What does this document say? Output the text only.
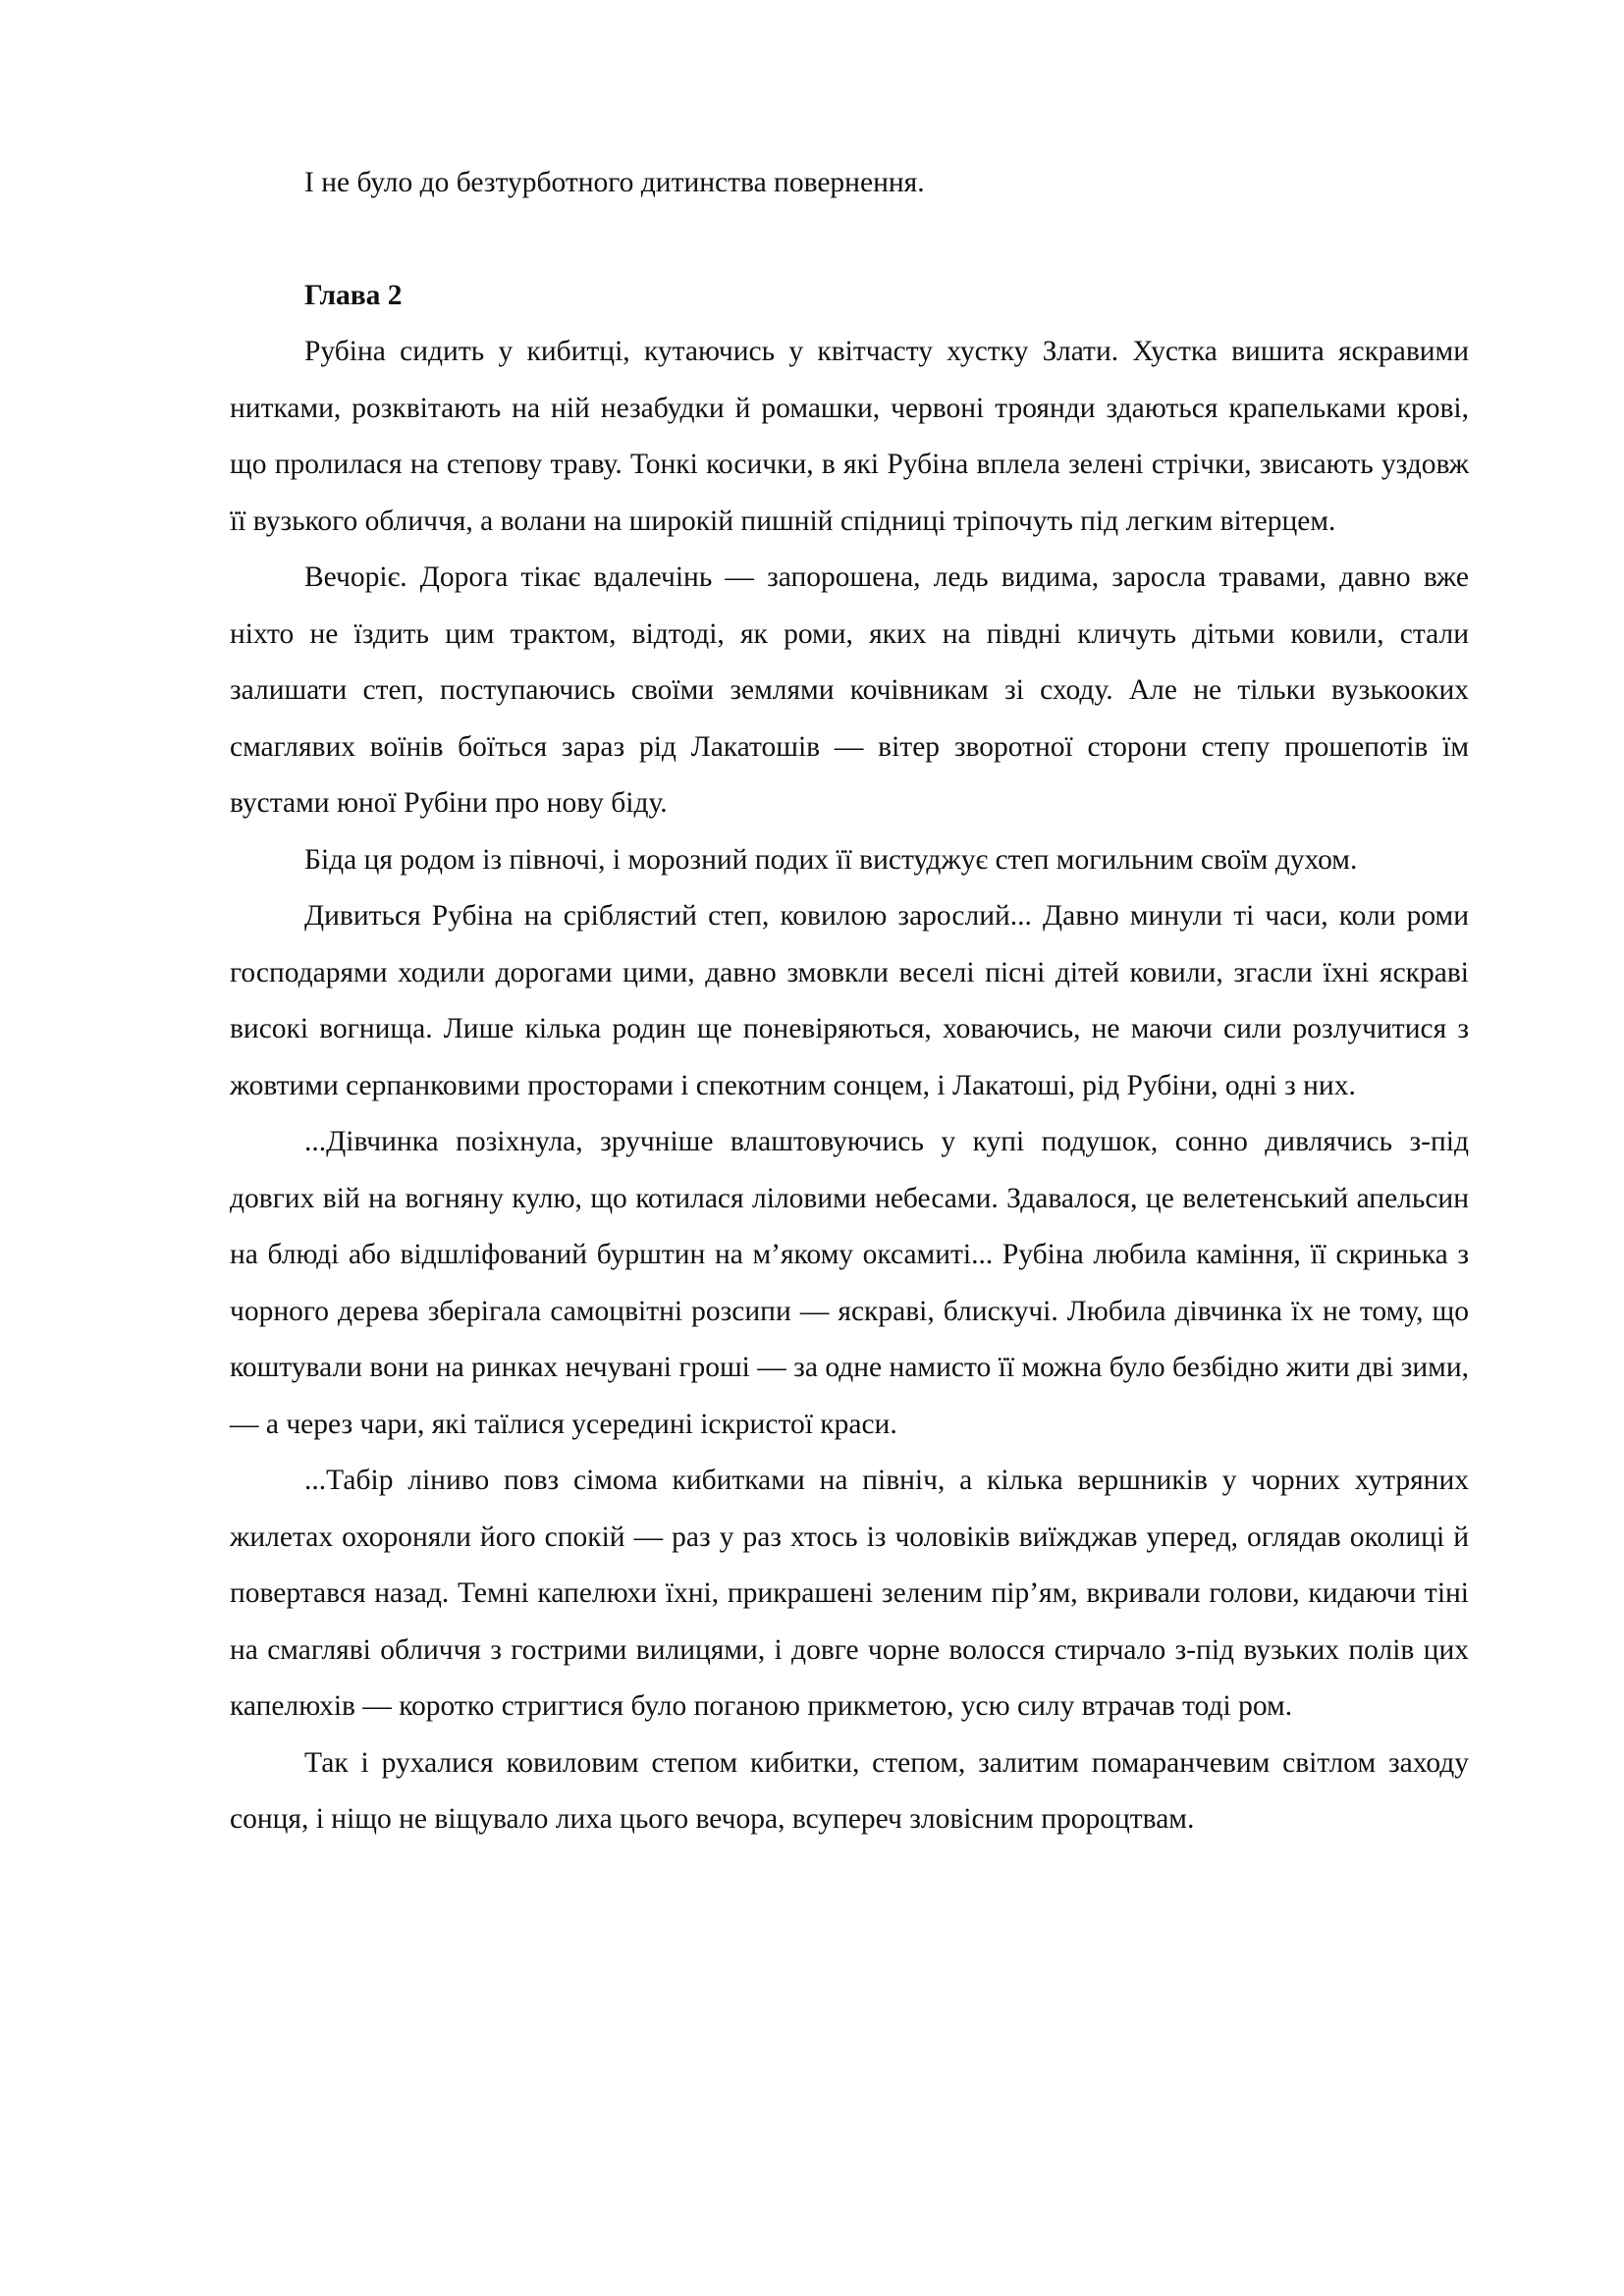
І не було до безтурботного дитинства повернення.

Глава 2

Рубіна сидить у кибитці, кутаючись у квітчасту хустку Злати. Хустка вишита яскравими нитками, розквітають на ній незабудки й ромашки, червоні троянди здаються крапельками крові, що пролилася на степову траву. Тонкі косички, в які Рубіна вплела зелені стрічки, звисають уздовж її вузького обличчя, а волани на широкій пишній спідниці тріпочуть під легким вітерцем.

Вечоріє. Дорога тікає вдалечінь — запорошена, ледь видима, заросла травами, давно вже ніхто не їздить цим трактом, відтоді, як роми, яких на півдні кличуть дітьми ковили, стали залишати степ, поступаючись своїми землями кочівникам зі сходу. Але не тільки вузькооких смаглявих воїнів боїться зараз рід Лакатошів — вітер зворотної сторони степу прошепотів їм вустами юної Рубіни про нову біду.

Біда ця родом із півночі, і морозний подих її вистуджує степ могильним своїм духом.

Дивиться Рубіна на сріблястий степ, ковилою зарослий... Давно минули ті часи, коли роми господарями ходили дорогами цими, давно змовкли веселі пісні дітей ковили, згасли їхні яскраві високі вогнища. Лише кілька родин ще поневіряються, ховаючись, не маючи сили розлучитися з жовтими серпанковими просторами і спекотним сонцем, і Лакатоші, рід Рубіни, одні з них.

...Дівчинка позіхнула, зручніше влаштовуючись у купі подушок, сонно дивлячись з-під довгих вій на вогняну кулю, що котилася ліловими небесами. Здавалося, це велетенський апельсин на блюді або відшліфований бурштин на м’якому оксамиті... Рубіна любила каміння, її скринька з чорного дерева зберігала самоцвітні розсипи — яскраві, блискучі. Любила дівчинка їх не тому, що коштували вони на ринках нечувані гроші — за одне намисто її можна було безбідно жити дві зими, — а через чари, які таїлися усередині іскристої краси.

...Табір ліниво повз сімома кибитками на північ, а кілька вершників у чорних хутряних жилетах охороняли його спокій — раз у раз хтось із чоловіків виїжджав уперед, оглядав околиці й повертався назад. Темні капелюхи їхні, прикрашені зеленим пір’ям, вкривали голови, кидаючи тіні на смагляві обличчя з гострими вилицями, і довге чорне волосся стирчало з-під вузьких полів цих капелюхів — коротко стригтися було поганою прикметою, усю силу втрачав тоді ром.

Так і рухалися ковиловим степом кибитки, степом, залитим помаранчевим світлом заходу сонця, і ніщо не віщувало лиха цього вечора, всупереч зловісним пророцтвам.
